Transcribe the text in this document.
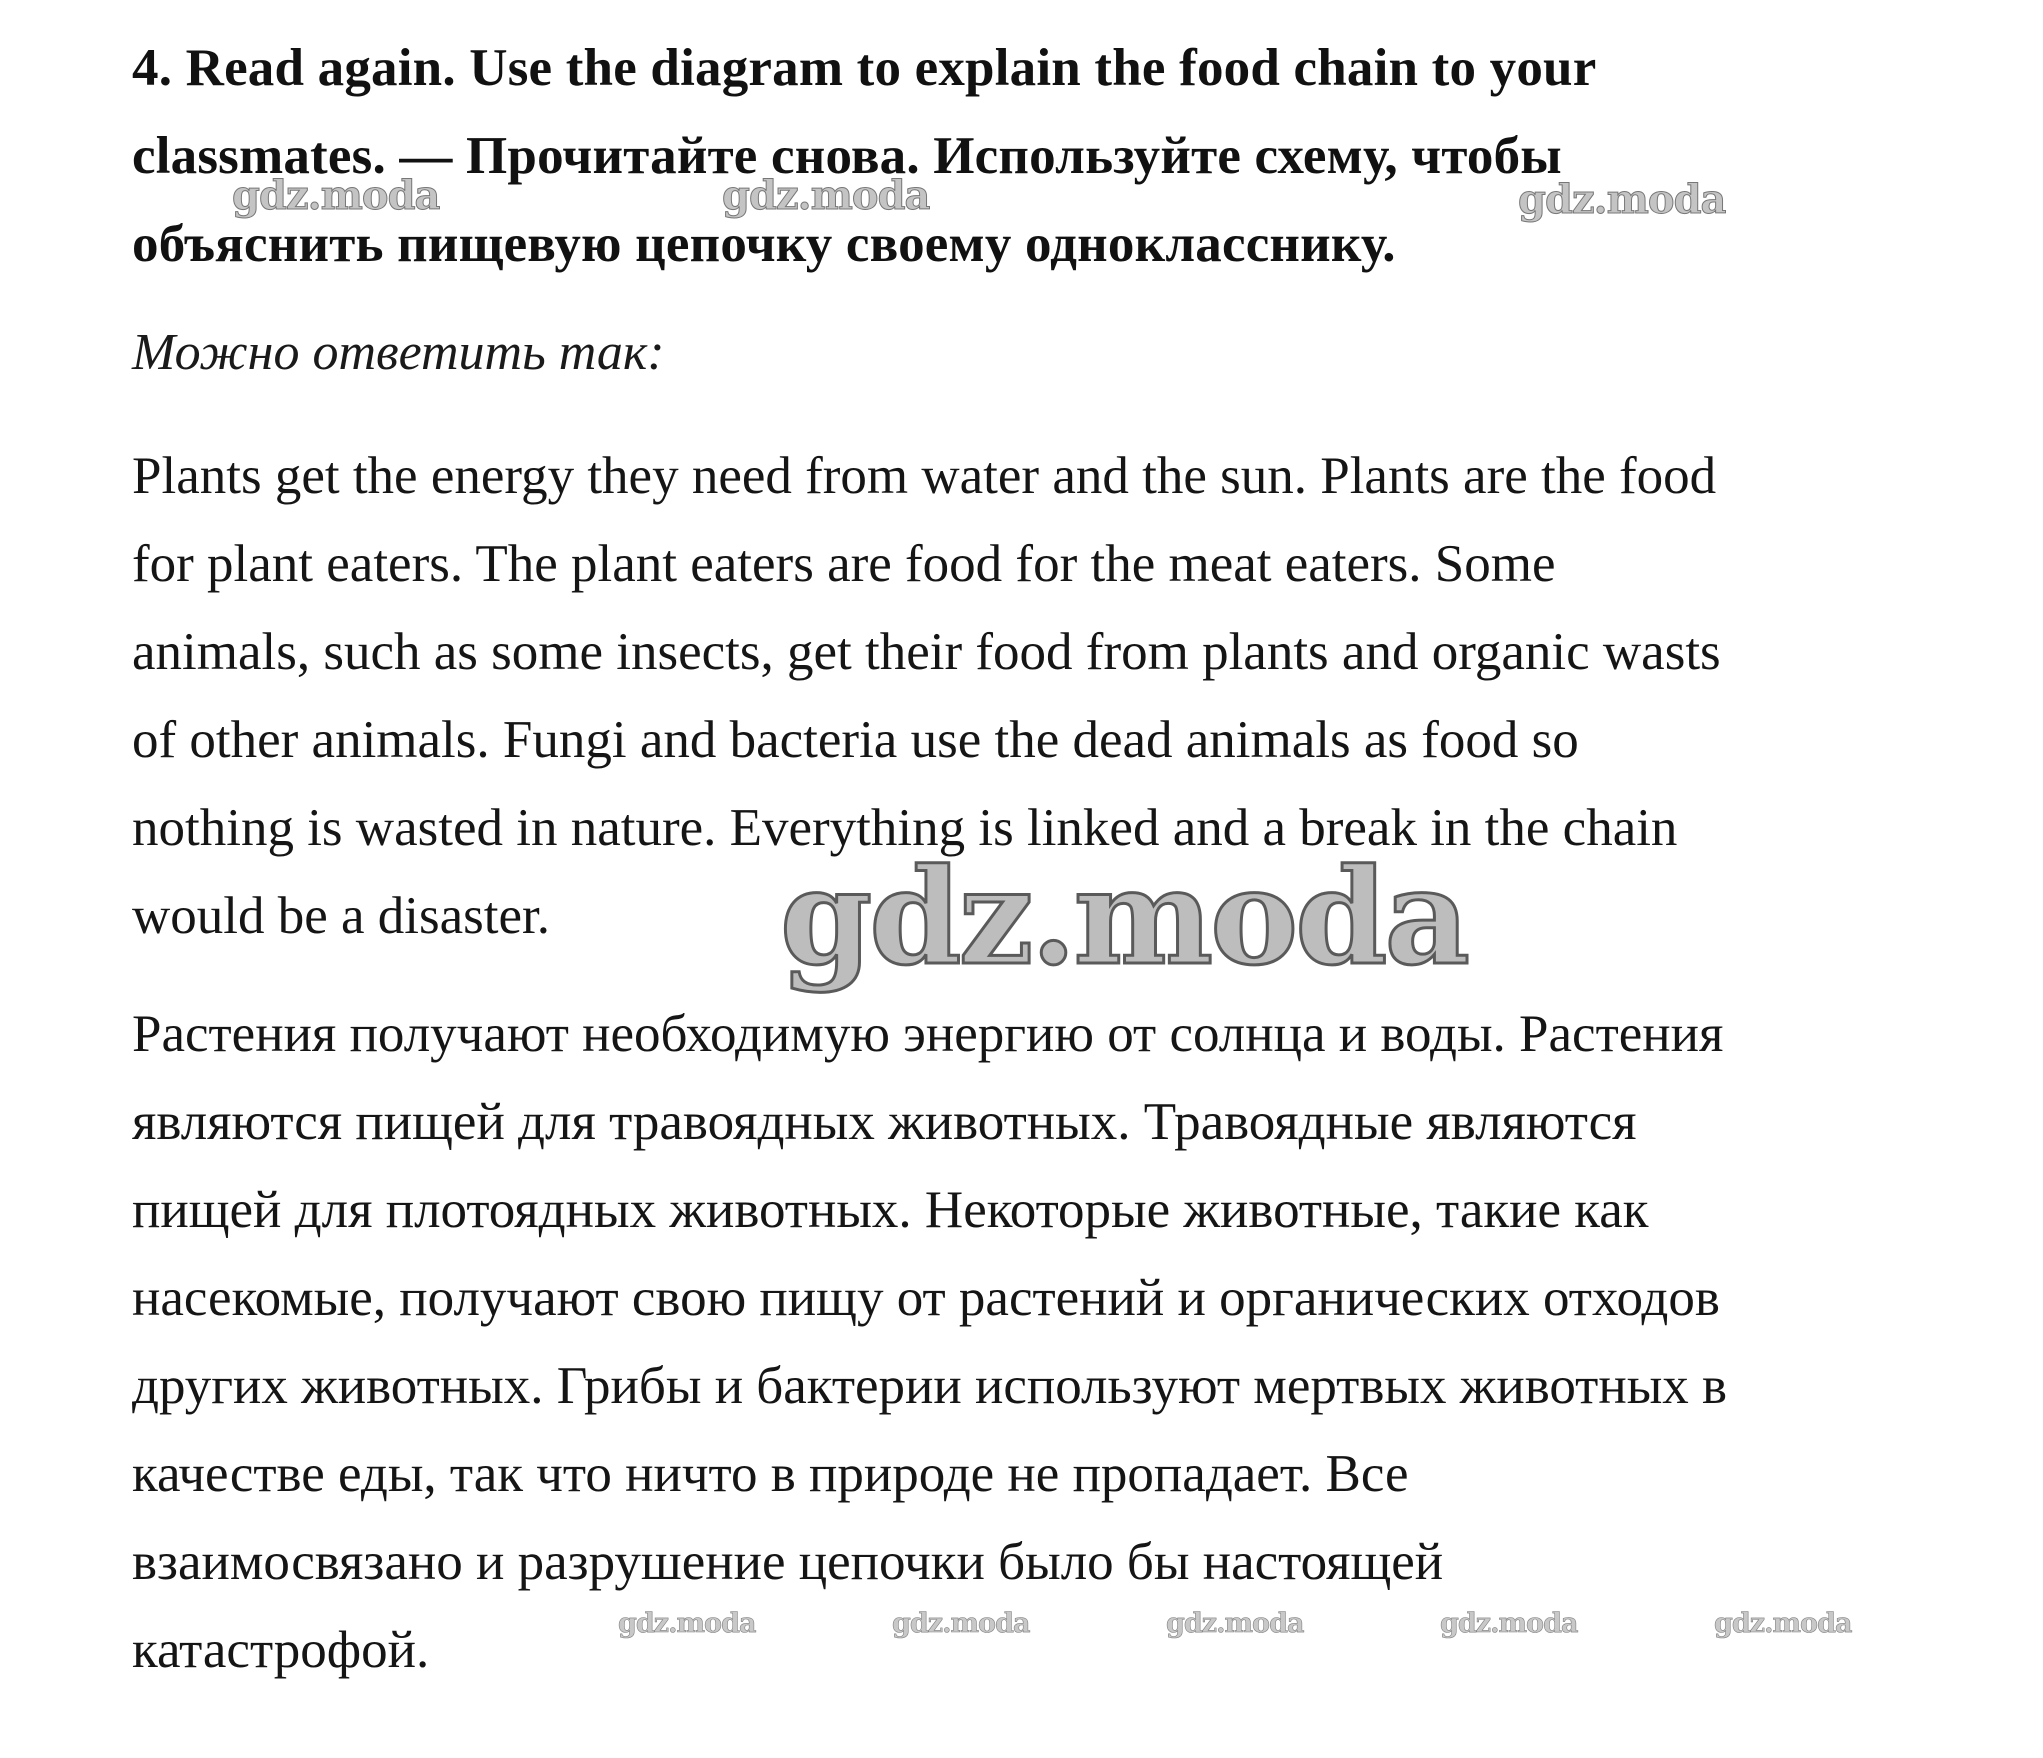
4. Read again. Use the diagram to explain the food chain to your
classmates. — Прочитайте снова. Используйте схему, чтобы
объяснить пищевую цепочку своему однокласснику.

Можно ответить так:

Plants get the energy they need from water and the sun. Plants are the food
for plant eaters. The plant eaters are food for the meat eaters. Some
animals, such as some insects, get their food from plants and organic wasts
of other animals. Fungi and bacteria use the dead animals as food so
nothing is wasted in nature. Everything is linked and a break in the chain
would be a disaster.

Растения получают необходимую энергию от солнца и воды. Растения
являются пищей для травоядных животных. Травоядные являются
пищей для плотоядных животных. Некоторые животные, такие как
насекомые, получают свою пищу от растений и органических отходов
других животных. Грибы и бактерии используют мертвых животных в
качестве еды, так что ничто в природе не пропадает. Все
взаимосвязано и разрушение цепочки было бы настоящей
катастрофой.

gdz.moda	gdz.moda	gdz.moda
gdz.moda
gdz.moda	gdz.moda	gdz.moda	gdz.moda	gdz.moda
